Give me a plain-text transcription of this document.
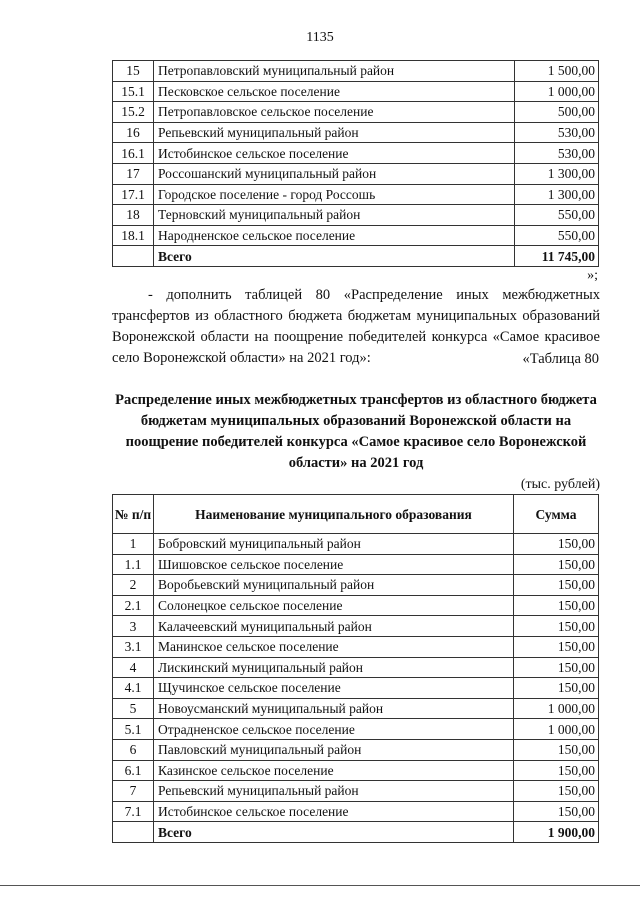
1135
15	Петропавловский муниципальный район	1 500,00
15.1	Песковское сельское поселение	1 000,00
15.2	Петропавловское сельское поселение	500,00
16	Репьевский муниципальный район	530,00
16.1	Истобинское сельское поселение	530,00
17	Россошанский муниципальный район	1 300,00
17.1	Городское поселение - город Россошь	1 300,00
18	Терновский муниципальный район	550,00
18.1	Народненское сельское поселение	550,00
	Всего	11 745,00
»;
- дополнить таблицей 80 «Распределение иных межбюджетных трансфертов из областного бюджета бюджетам муниципальных образований Воронежской области на поощрение победителей конкурса «Самое красивое село Воронежской области» на 2021 год»:	«Таблица 80
Распределение иных межбюджетных трансфертов из областного бюджета бюджетам муниципальных образований Воронежской области на поощрение победителей конкурса «Самое красивое село Воронежской области» на 2021 год
(тыс. рублей)
№ п/п	Наименование муниципального образования	Сумма
1	Бобровский муниципальный район	150,00
1.1	Шишовское сельское поселение	150,00
2	Воробьевский муниципальный район	150,00
2.1	Солонецкое сельское поселение	150,00
3	Калачеевский муниципальный район	150,00
3.1	Манинское сельское поселение	150,00
4	Лискинский муниципальный район	150,00
4.1	Щучинское сельское поселение	150,00
5	Новоусманский муниципальный район	1 000,00
5.1	Отрадненское сельское поселение	1 000,00
6	Павловский муниципальный район	150,00
6.1	Казинское сельское поселение	150,00
7	Репьевский муниципальный район	150,00
7.1	Истобинское сельское поселение	150,00
	Всего	1 900,00
